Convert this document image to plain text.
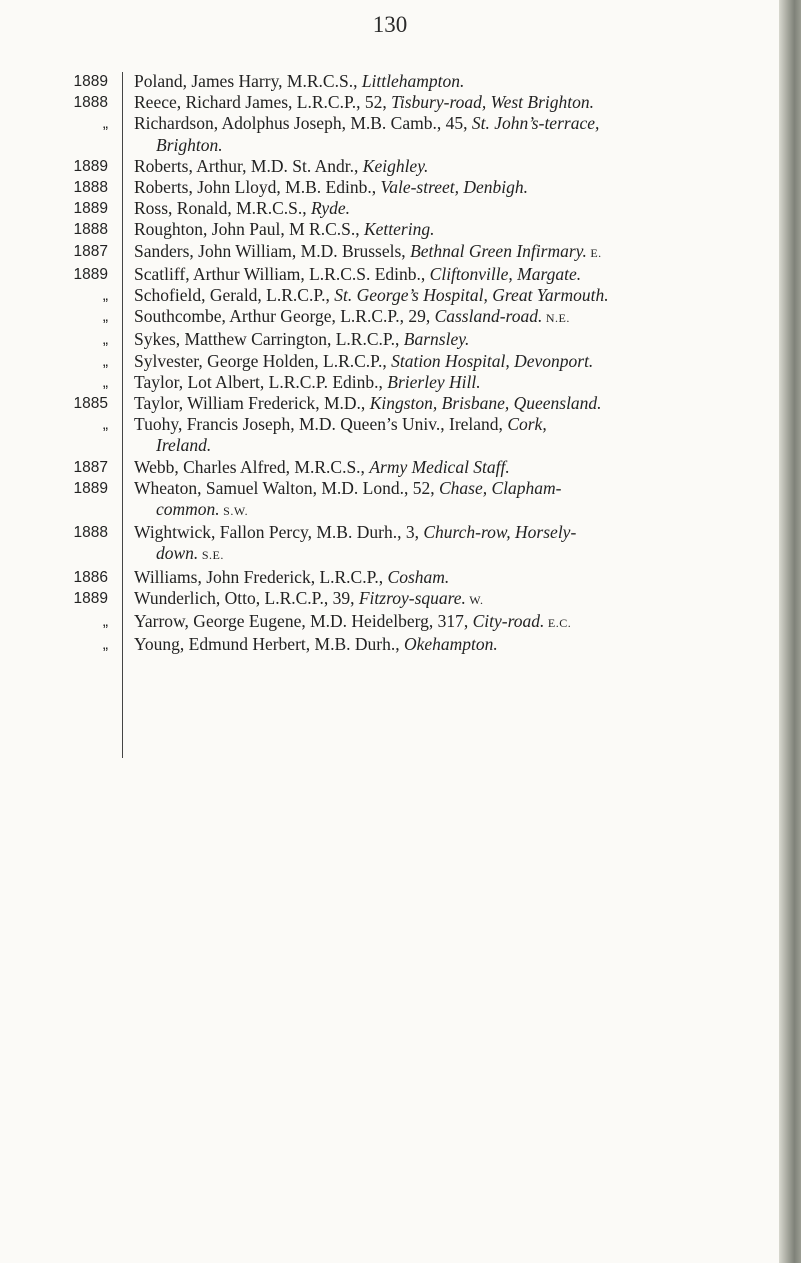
130
1889 Poland, James Harry, M.R.C.S., Littlehampton.
1888 Reece, Richard James, L.R.C.P., 52, Tisbury-road, West Brighton.
„ Richardson, Adolphus Joseph, M.B. Camb., 45, St. John’s-terrace,
Brighton.
1889 Roberts, Arthur, M.D. St. Andr., Keighley.
1888 Roberts, John Lloyd, M.B. Edinb., Vale-street, Denbigh.
1889 Ross, Ronald, M.R.C.S., Ryde.
1888 Roughton, John Paul, M R.C.S., Kettering.
1887 Sanders, John William, M.D. Brussels, Bethnal Green Infirmary. E.
1889 Scatliff, Arthur William, L.R.C.S. Edinb., Cliftonville, Margate.
„ Schofield, Gerald, L.R.C.P., St. George’s Hospital, Great Yarmouth.
„ Southcombe, Arthur George, L.R.C.P., 29, Cassland-road. N.E.
„ Sykes, Matthew Carrington, L.R.C.P., Barnsley.
„ Sylvester, George Holden, L.R.C.P., Station Hospital, Devonport.
„ Taylor, Lot Albert, L.R.C.P. Edinb., Brierley Hill.
1885 Taylor, William Frederick, M.D., Kingston, Brisbane, Queensland.
„ Tuohy, Francis Joseph, M.D. Queen’s Univ., Ireland, Cork,
Ireland.
1887 Webb, Charles Alfred, M.R.C.S., Army Medical Staff.
1889 Wheaton, Samuel Walton, M.D. Lond., 52, Chase, Clapham-
common. S.W.
1888 Wightwick, Fallon Percy, M.B. Durh., 3, Church-row, Horsely-
down. S.E.
1886 Williams, John Frederick, L.R.C.P., Cosham.
1889 Wunderlich, Otto, L.R.C.P., 39, Fitzroy-square. W.
„ Yarrow, George Eugene, M.D. Heidelberg, 317, City-road. E.C.
„ Young, Edmund Herbert, M.B. Durh., Okehampton.
